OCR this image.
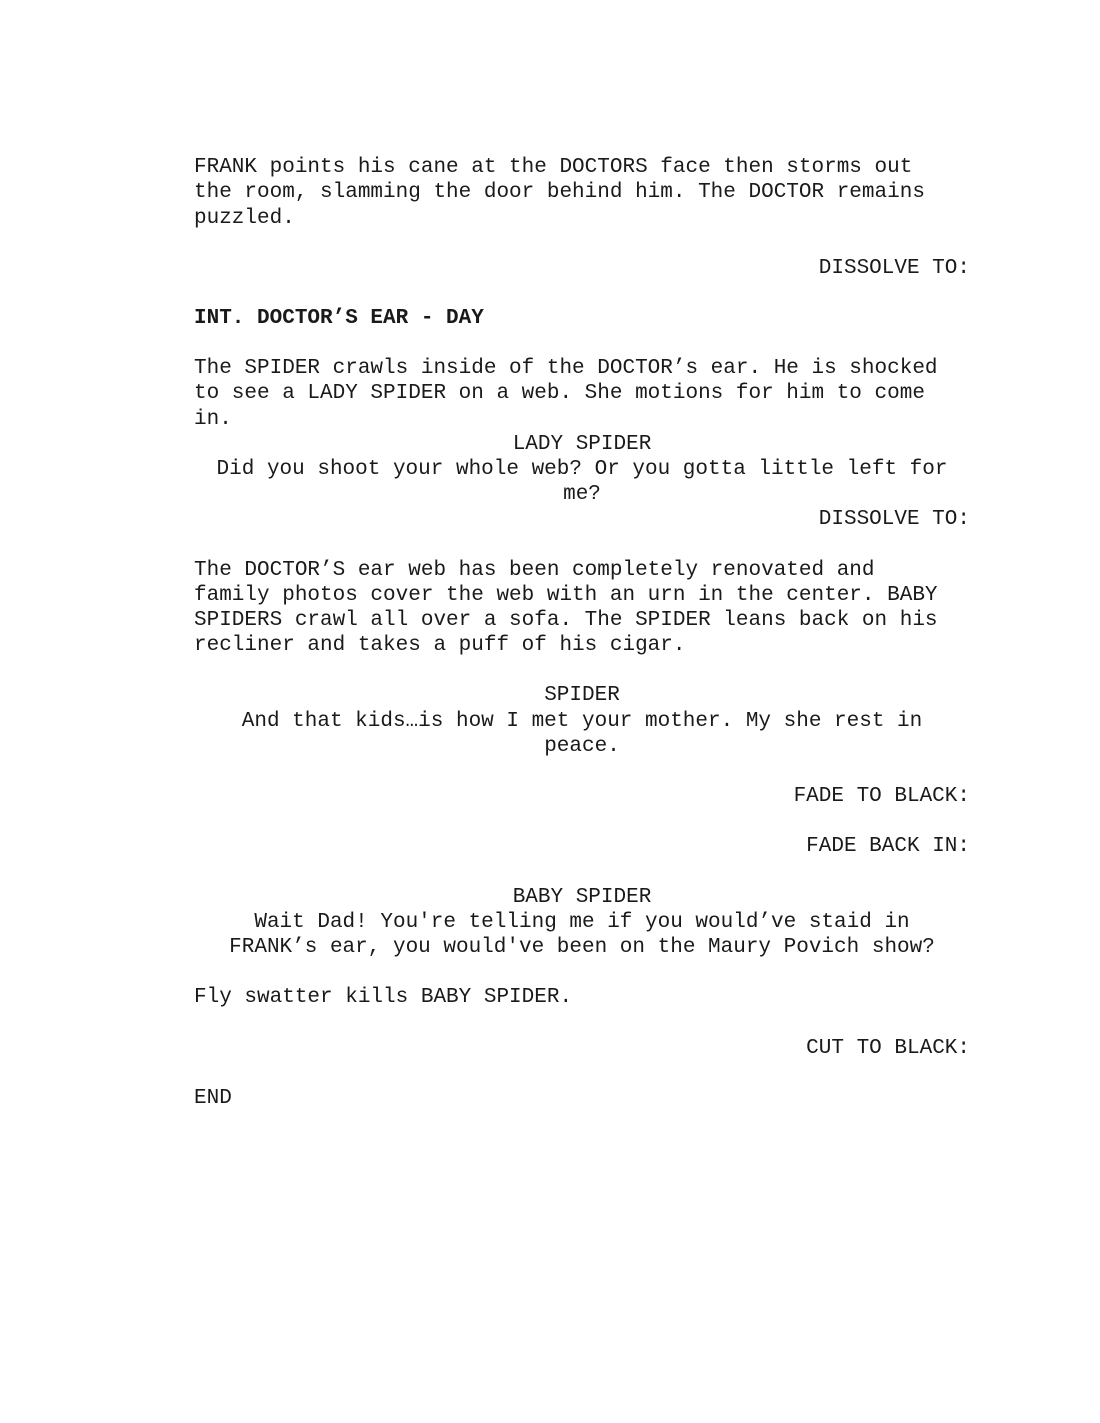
FRANK points his cane at the DOCTORS face then storms out
the room, slamming the door behind him. The DOCTOR remains
puzzled.
DISSOLVE TO:
INT. DOCTOR’S EAR - DAY
The SPIDER crawls inside of the DOCTOR’s ear. He is shocked
to see a LADY SPIDER on a web. She motions for him to come
in.
LADY SPIDER
Did you shoot your whole web? Or you gotta little left for
me?
DISSOLVE TO:
The DOCTOR’S ear web has been completely renovated and
family photos cover the web with an urn in the center. BABY
SPIDERS crawl all over a sofa. The SPIDER leans back on his
recliner and takes a puff of his cigar.
SPIDER
And that kids…is how I met your mother. My she rest in
peace.
FADE TO BLACK:
FADE BACK IN:
BABY SPIDER
Wait Dad! You're telling me if you would’ve staid in
FRANK’s ear, you would've been on the Maury Povich show?
Fly swatter kills BABY SPIDER.
CUT TO BLACK:
END
